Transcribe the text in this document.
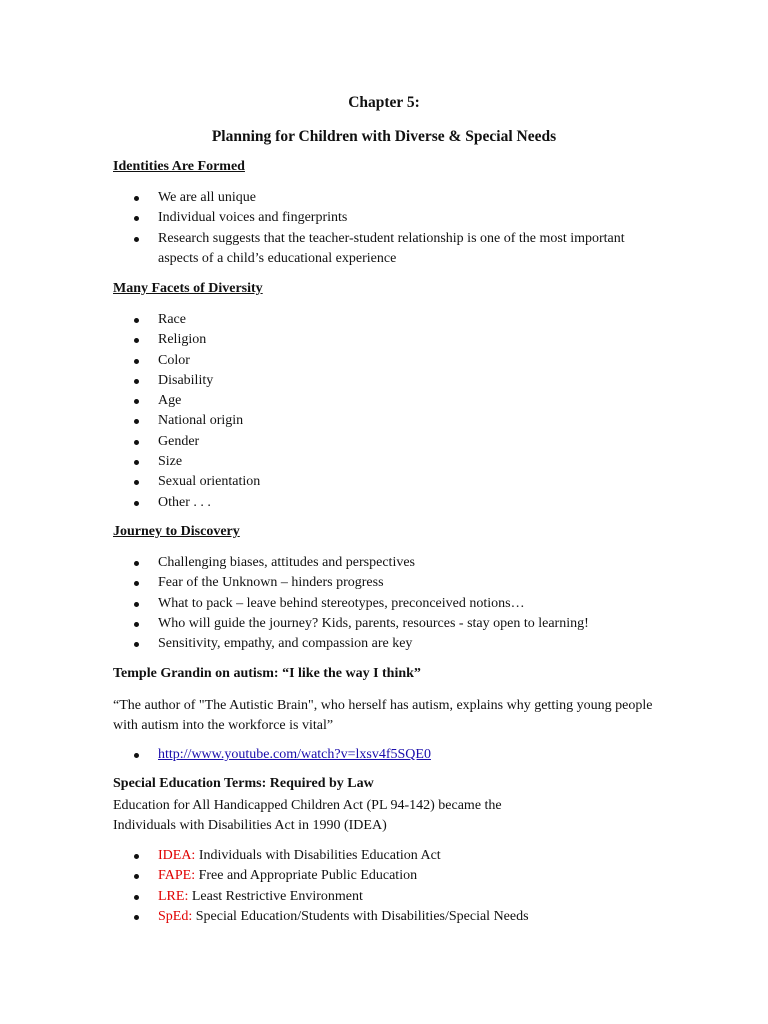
Chapter 5:
Planning for Children with Diverse & Special Needs
Identities Are Formed
We are all unique
Individual voices and fingerprints
Research suggests that the teacher-student relationship is one of the most important aspects of a child’s educational experience
Many Facets of Diversity
Race
Religion
Color
Disability
Age
National origin
Gender
Size
Sexual orientation
Other . . .
Journey to Discovery
Challenging biases, attitudes and perspectives
Fear of the Unknown – hinders progress
What to pack – leave behind stereotypes, preconceived notions…
Who will guide the journey? Kids, parents, resources - stay open to learning!
Sensitivity, empathy, and compassion are key
Temple Grandin on autism: “I like the way I think”
“The author of "The Autistic Brain", who herself has autism, explains why getting young people with autism into the workforce is vital”
http://www.youtube.com/watch?v=lxsv4f5SQE0
Special Education Terms: Required by Law
Education for All Handicapped Children Act (PL 94-142) became the
Individuals with Disabilities Act in 1990 (IDEA)
IDEA: Individuals with Disabilities Education Act
FAPE: Free and Appropriate Public Education
LRE: Least Restrictive Environment
SpEd: Special Education/Students with Disabilities/Special Needs
